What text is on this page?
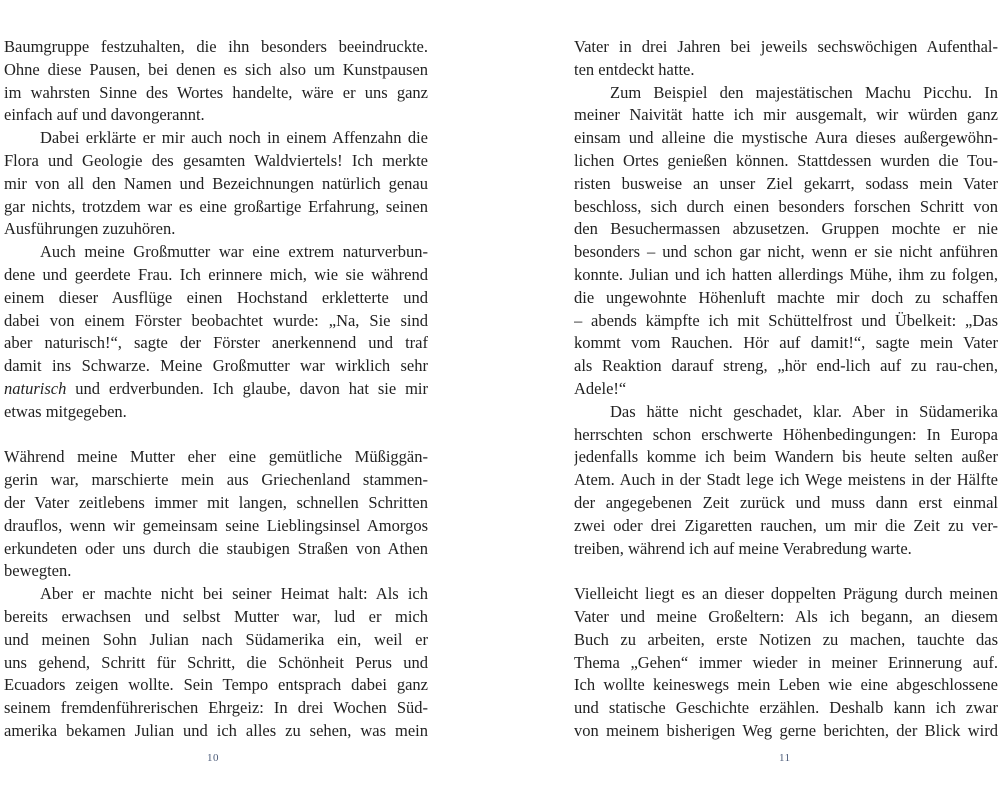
Baumgruppe festzuhalten, die ihn besonders beeindruckte.
Ohne diese Pausen, bei denen es sich also um Kunstpausen
im wahrsten Sinne des Wortes handelte, wäre er uns ganz
einfach auf und davongerannt.
Dabei erklärte er mir auch noch in einem Affenzahn die
Flora und Geologie des gesamten Waldviertels! Ich merkte
mir von all den Namen und Bezeichnungen natürlich genau
gar nichts, trotzdem war es eine großartige Erfahrung, seinen
Ausführungen zuzuhören.
Auch meine Großmutter war eine extrem naturverbun-
dene und geerdete Frau. Ich erinnere mich, wie sie während
einem dieser Ausflüge einen Hochstand erkletterte und
dabei von einem Förster beobachtet wurde: „Na, Sie sind
aber naturisch!“, sagte der Förster anerkennend und traf
damit ins Schwarze. Meine Großmutter war wirklich sehr
naturisch und erdverbunden. Ich glaube, davon hat sie mir
etwas mitgegeben.
Während meine Mutter eher eine gemütliche Müßiggän-
gerin war, marschierte mein aus Griechenland stammen-
der Vater zeitlebens immer mit langen, schnellen Schritten
drauflos, wenn wir gemeinsam seine Lieblingsinsel Amorgos
erkundeten oder uns durch die staubigen Straßen von Athen
bewegten.
Aber er machte nicht bei seiner Heimat halt: Als ich
bereits erwachsen und selbst Mutter war, lud er mich
und meinen Sohn Julian nach Südamerika ein, weil er
uns gehend, Schritt für Schritt, die Schönheit Perus und
Ecuadors zeigen wollte. Sein Tempo entsprach dabei ganz
seinem fremdenführerischen Ehrgeiz: In drei Wochen Süd-
amerika bekamen Julian und ich alles zu sehen, was mein
Vater in drei Jahren bei jeweils sechswöchigen Aufenthal-
ten entdeckt hatte.
Zum Beispiel den majestätischen Machu Picchu. In
meiner Naivität hatte ich mir ausgemalt, wir würden ganz
einsam und alleine die mystische Aura dieses außergewöhn-
lichen Ortes genießen können. Stattdessen wurden die Tou-
risten busweise an unser Ziel gekarrt, sodass mein Vater
beschloss, sich durch einen besonders forschen Schritt von
den Besuchermassen abzusetzen. Gruppen mochte er nie
besonders – und schon gar nicht, wenn er sie nicht anführen
konnte. Julian und ich hatten allerdings Mühe, ihm zu folgen,
die ungewohnte Höhenluft machte mir doch zu schaffen
– abends kämpfte ich mit Schüttelfrost und Übelkeit: „Das
kommt vom Rauchen. Hör auf damit!“, sagte mein Vater
als Reaktion darauf streng, „hör end-lich auf zu rau-chen,
Adele!“
Das hätte nicht geschadet, klar. Aber in Südamerika
herrschten schon erschwerte Höhenbedingungen: In Europa
jedenfalls komme ich beim Wandern bis heute selten außer
Atem. Auch in der Stadt lege ich Wege meistens in der Hälfte
der angegebenen Zeit zurück und muss dann erst einmal
zwei oder drei Zigaretten rauchen, um mir die Zeit zu ver-
treiben, während ich auf meine Verabredung warte.
Vielleicht liegt es an dieser doppelten Prägung durch meinen
Vater und meine Großeltern: Als ich begann, an diesem
Buch zu arbeiten, erste Notizen zu machen, tauchte das
Thema „Gehen“ immer wieder in meiner Erinnerung auf.
Ich wollte keineswegs mein Leben wie eine abgeschlossene
und statische Geschichte erzählen. Deshalb kann ich zwar
von meinem bisherigen Weg gerne berichten, der Blick wird
10	11
